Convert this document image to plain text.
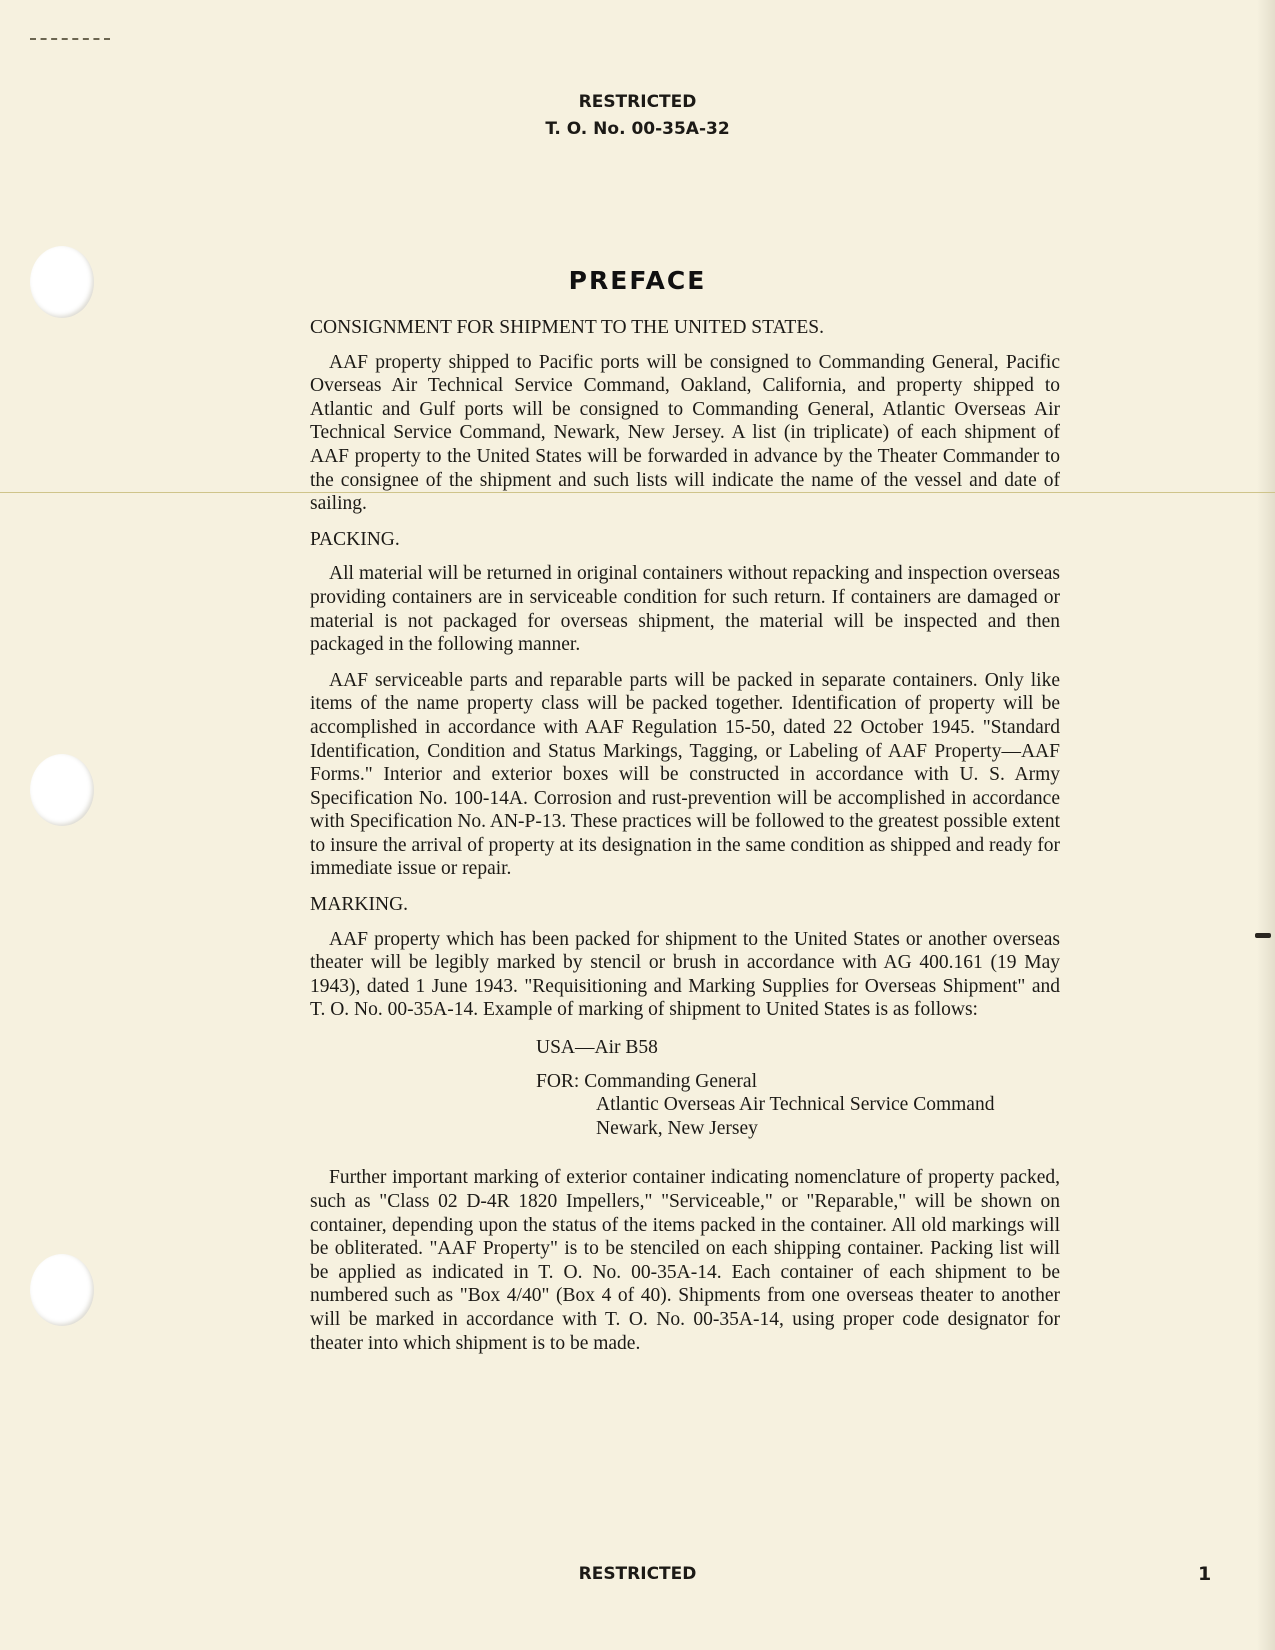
RESTRICTED
T. O. No. 00-35A-32
PREFACE
CONSIGNMENT FOR SHIPMENT TO THE UNITED STATES.

AAF property shipped to Pacific ports will be consigned to Commanding General, Pacific Overseas Air Technical Service Command, Oakland, California, and property shipped to Atlantic and Gulf ports will be consigned to Commanding General, Atlantic Overseas Air Technical Service Command, Newark, New Jersey. A list (in triplicate) of each shipment of AAF property to the United States will be forwarded in advance by the Theater Commander to the consignee of the shipment and such lists will indicate the name of the vessel and date of sailing.

PACKING.

All material will be returned in original containers without repacking and inspection overseas providing containers are in serviceable condition for such return. If containers are damaged or material is not packaged for overseas shipment, the material will be inspected and then packaged in the following manner.

AAF serviceable parts and reparable parts will be packed in separate containers. Only like items of the name property class will be packed together. Identification of property will be accomplished in accordance with AAF Regulation 15-50, dated 22 October 1945. "Standard Identification, Condition and Status Markings, Tagging, or Labeling of AAF Property—AAF Forms." Interior and exterior boxes will be constructed in accordance with U. S. Army Specification No. 100-14A. Corrosion and rust-prevention will be accomplished in accordance with Specification No. AN-P-13. These practices will be followed to the greatest possible extent to insure the arrival of property at its designation in the same condition as shipped and ready for immediate issue or repair.

MARKING.

AAF property which has been packed for shipment to the United States or another overseas theater will be legibly marked by stencil or brush in accordance with AG 400.161 (19 May 1943), dated 1 June 1943. "Requisitioning and Marking Supplies for Overseas Shipment" and T. O. No. 00-35A-14. Example of marking of shipment to United States is as follows:

USA—Air B58
FOR: Commanding General
Atlantic Overseas Air Technical Service Command
Newark, New Jersey

Further important marking of exterior container indicating nomenclature of property packed, such as "Class 02 D-4R 1820 Impellers," "Serviceable," or "Reparable," will be shown on container, depending upon the status of the items packed in the container. All old markings will be obliterated. "AAF Property" is to be stenciled on each shipping container. Packing list will be applied as indicated in T. O. No. 00-35A-14. Each container of each shipment to be numbered such as "Box 4/40" (Box 4 of 40). Shipments from one overseas theater to another will be marked in accordance with T. O. No. 00-35A-14, using proper code designator for theater into which shipment is to be made.

RESTRICTED	1
